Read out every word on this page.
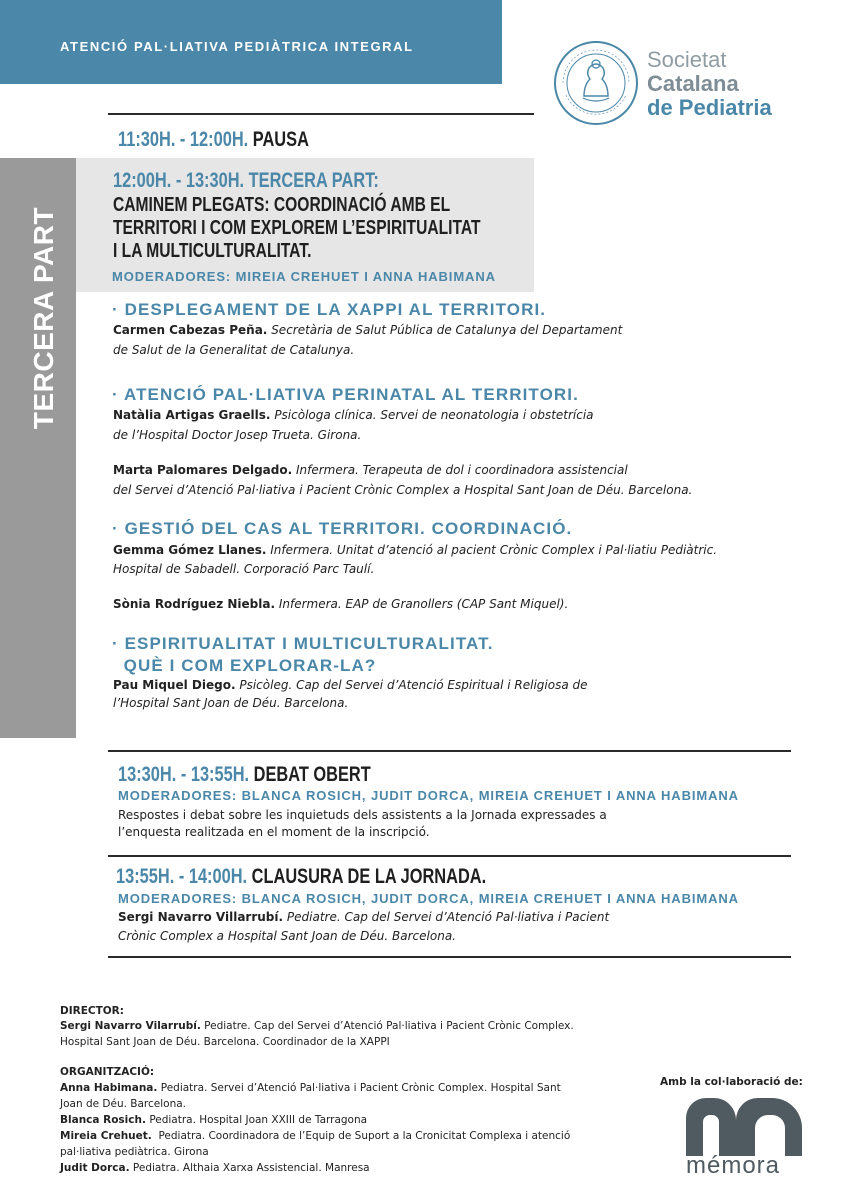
ATENCIÓ PAL·LIATIVA PEDIÀTRICA INTEGRAL
Societat
Catalana
de Pediatria
TERCERA PART
11:30H. - 12:00H. PAUSA
12:00H. - 13:30H. TERCERA PART:
CAMINEM PLEGATS: COORDINACIÓ AMB EL
TERRITORI I COM EXPLOREM L’ESPIRITUALITAT
I LA MULTICULTURALITAT.
MODERADORES: MIREIA CREHUET I ANNA HABIMANA
· DESPLEGAMENT DE LA XAPPI AL TERRITORI.
Carmen Cabezas Peña. Secretària de Salut Pública de Catalunya del Departament
de Salut de la Generalitat de Catalunya.
· ATENCIÓ PAL·LIATIVA PERINATAL AL TERRITORI.
Natàlia Artigas Graells. Psicòloga clínica. Servei de neonatologia i obstetrícia
de l’Hospital Doctor Josep Trueta. Girona.
Marta Palomares Delgado. Infermera. Terapeuta de dol i coordinadora assistencial
del Servei d’Atenció Pal·liativa i Pacient Crònic Complex a Hospital Sant Joan de Déu. Barcelona.
· GESTIÓ DEL CAS AL TERRITORI. COORDINACIÓ.
Gemma Gómez Llanes. Infermera. Unitat d’atenció al pacient Crònic Complex i Pal·liatiu Pediàtric.
Hospital de Sabadell. Corporació Parc Taulí.
Sònia Rodríguez Niebla. Infermera. EAP de Granollers (CAP Sant Miquel).
· ESPIRITUALITAT I MULTICULTURALITAT.
QUÈ I COM EXPLORAR-LA?
Pau Miquel Diego. Psicòleg. Cap del Servei d’Atenció Espiritual i Religiosa de
l’Hospital Sant Joan de Déu. Barcelona.
13:30H. - 13:55H. DEBAT OBERT
MODERADORES: BLANCA ROSICH, JUDIT DORCA, MIREIA CREHUET I ANNA HABIMANA
Respostes i debat sobre les inquietuds dels assistents a la Jornada expressades a
l’enquesta realitzada en el moment de la inscripció.
13:55H. - 14:00H. CLAUSURA DE LA JORNADA.
MODERADORES: BLANCA ROSICH, JUDIT DORCA, MIREIA CREHUET I ANNA HABIMANA
Sergi Navarro Villarrubí. Pediatre. Cap del Servei d’Atenció Pal·liativa i Pacient
Crònic Complex a Hospital Sant Joan de Déu. Barcelona.
DIRECTOR:
Sergi Navarro Vilarrubí. Pediatre. Cap del Servei d’Atenció Pal·liativa i Pacient Crònic Complex.
Hospital Sant Joan de Déu. Barcelona. Coordinador de la XAPPI
ORGANITZACIÓ:
Anna Habimana. Pediatra. Servei d’Atenció Pal·liativa i Pacient Crònic Complex. Hospital Sant
Joan de Déu. Barcelona.
Blanca Rosich. Pediatra. Hospital Joan XXIII de Tarragona
Mireia Crehuet.  Pediatra. Coordinadora de l’Equip de Suport a la Cronicitat Complexa i atenció
pal·liativa pediàtrica. Girona
Judit Dorca. Pediatra. Althaia Xarxa Assistencial. Manresa
Amb la col·laboració de:
mémora
